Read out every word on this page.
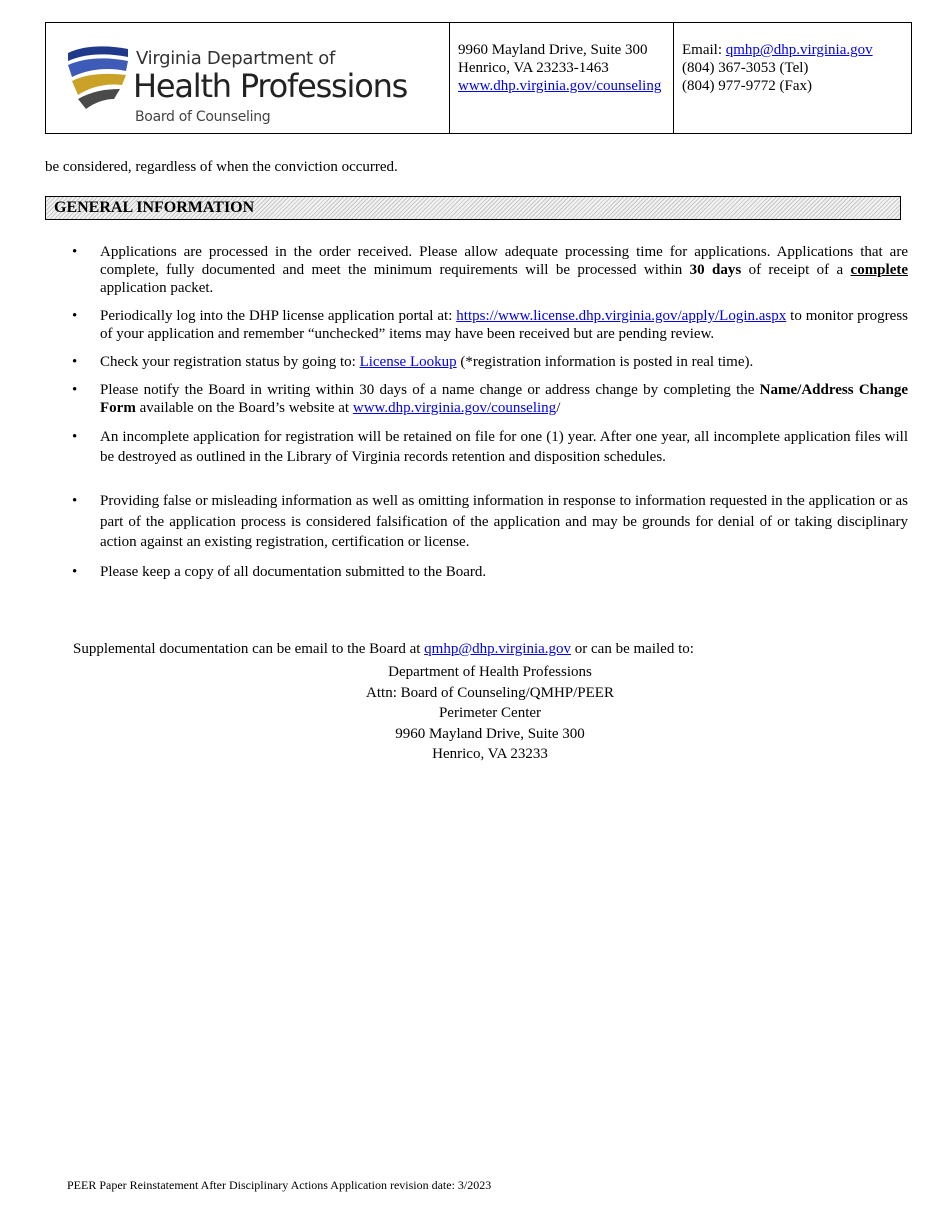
Virginia Department of
Health Professions
Board of Counseling
9960 Mayland Drive, Suite 300
Henrico, VA 23233-1463
www.dhp.virginia.gov/counseling
Email: qmhp@dhp.virginia.gov
(804) 367-3053 (Tel)
(804) 977-9772 (Fax)
be considered, regardless of when the conviction occurred.
GENERAL INFORMATION
• Applications are processed in the order received. Please allow adequate processing time for applications. Applications that are complete, fully documented and meet the minimum requirements will be processed within 30 days of receipt of a complete application packet.
• Periodically log into the DHP license application portal at: https://www.license.dhp.virginia.gov/apply/Login.aspx to monitor progress of your application and remember “unchecked” items may have been received but are pending review.
• Check your registration status by going to: License Lookup (*registration information is posted in real time).
• Please notify the Board in writing within 30 days of a name change or address change by completing the Name/Address Change Form available on the Board’s website at www.dhp.virginia.gov/counseling/
• An incomplete application for registration will be retained on file for one (1) year. After one year, all incomplete application files will be destroyed as outlined in the Library of Virginia records retention and disposition schedules.
• Providing false or misleading information as well as omitting information in response to information requested in the application or as part of the application process is considered falsification of the application and may be grounds for denial of or taking disciplinary action against an existing registration, certification or license.
• Please keep a copy of all documentation submitted to the Board.
Supplemental documentation can be email to the Board at qmhp@dhp.virginia.gov or can be mailed to:
Department of Health Professions
Attn: Board of Counseling/QMHP/PEER
Perimeter Center
9960 Mayland Drive, Suite 300
Henrico, VA 23233
PEER Paper Reinstatement After Disciplinary Actions Application revision date: 3/2023
